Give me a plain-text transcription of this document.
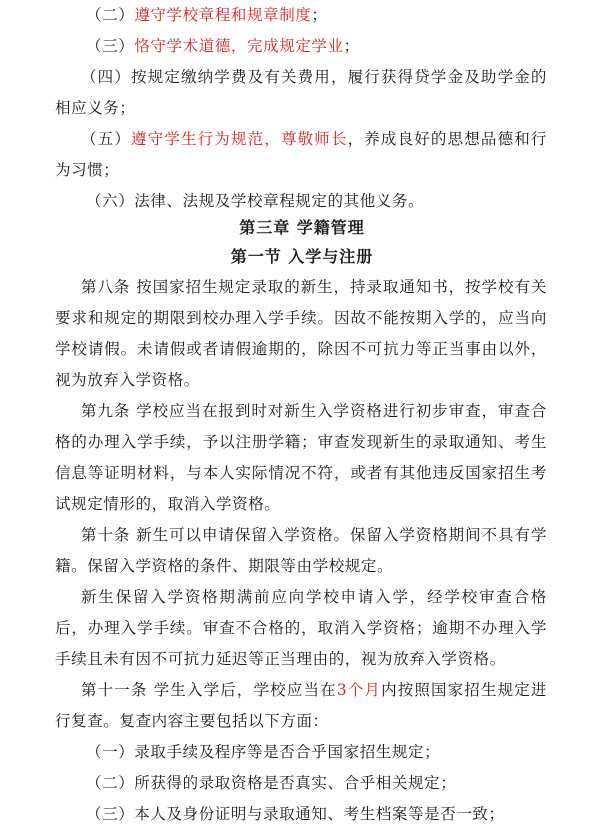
（二）遵守学校章程和规章制度；

（三）恪守学术道德，完成规定学业；

（四）按规定缴纳学费及有关费用，履行获得贷学金及助学金的相应义务；

（五）遵守学生行为规范，尊敬师长，养成良好的思想品德和行为习惯；

（六）法律、法规及学校章程规定的其他义务。

第三章 学籍管理
第一节 入学与注册

第八条 按国家招生规定录取的新生，持录取通知书，按学校有关要求和规定的期限到校办理入学手续。因故不能按期入学的，应当向学校请假。未请假或者请假逾期的，除因不可抗力等正当事由以外，视为放弃入学资格。

第九条 学校应当在报到时对新生入学资格进行初步审查，审查合格的办理入学手续，予以注册学籍；审查发现新生的录取通知、考生信息等证明材料，与本人实际情况不符，或者有其他违反国家招生考试规定情形的，取消入学资格。

第十条 新生可以申请保留入学资格。保留入学资格期间不具有学籍。保留入学资格的条件、期限等由学校规定。

新生保留入学资格期满前应向学校申请入学，经学校审查合格后，办理入学手续。审查不合格的，取消入学资格；逾期不办理入学手续且未有因不可抗力延迟等正当理由的，视为放弃入学资格。

第十一条 学生入学后，学校应当在3个月内按照国家招生规定进行复查。复查内容主要包括以下方面：

（一）录取手续及程序等是否合乎国家招生规定；

（二）所获得的录取资格是否真实、合乎相关规定；

（三）本人及身份证明与录取通知、考生档案等是否一致；
